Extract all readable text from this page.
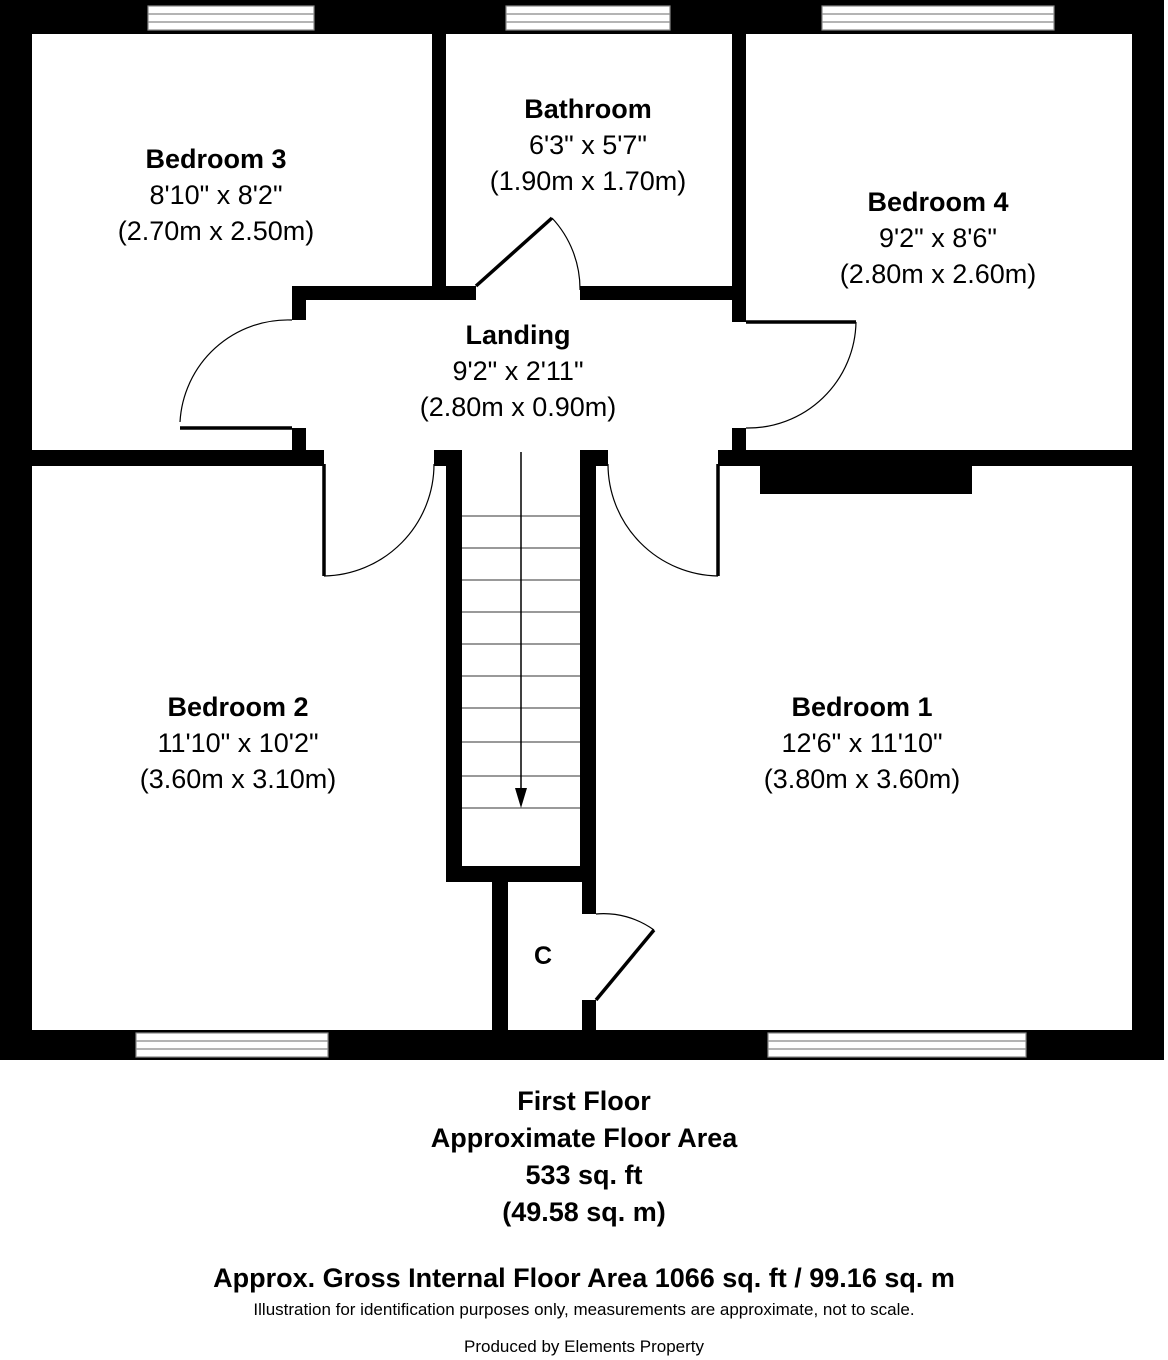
Bedroom 3
8'10" x 8'2"
(2.70m x 2.50m)
Bathroom
6'3" x 5'7"
(1.90m x 1.70m)
Bedroom 4
9'2" x 8'6"
(2.80m x 2.60m)
Landing
9'2" x 2'11"
(2.80m x 0.90m)
Bedroom 2
11'10" x 10'2"
(3.60m x 3.10m)
Bedroom 1
12'6" x 11'10"
(3.80m x 3.60m)
C
First Floor
Approximate Floor Area
533 sq. ft
(49.58 sq. m)
Approx. Gross Internal Floor Area 1066 sq. ft / 99.16 sq. m
Illustration for identification purposes only, measurements are approximate, not to scale.
Produced by Elements Property
